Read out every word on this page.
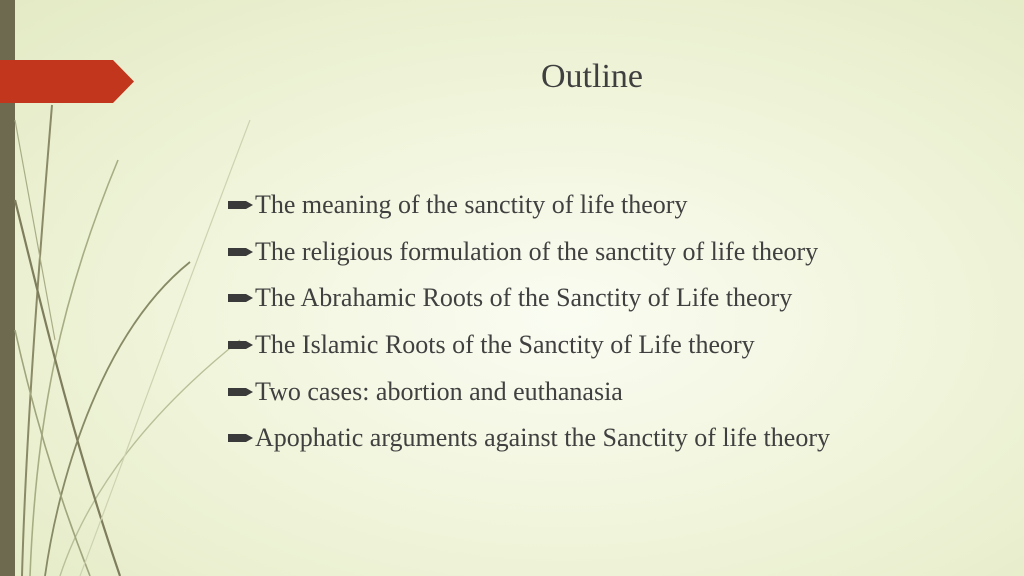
Outline
The meaning of the sanctity of life theory
The religious formulation of the sanctity of life theory
The Abrahamic Roots of the Sanctity of Life theory
The Islamic Roots of the Sanctity of Life theory
Two cases: abortion and euthanasia
Apophatic arguments against the Sanctity of life theory
